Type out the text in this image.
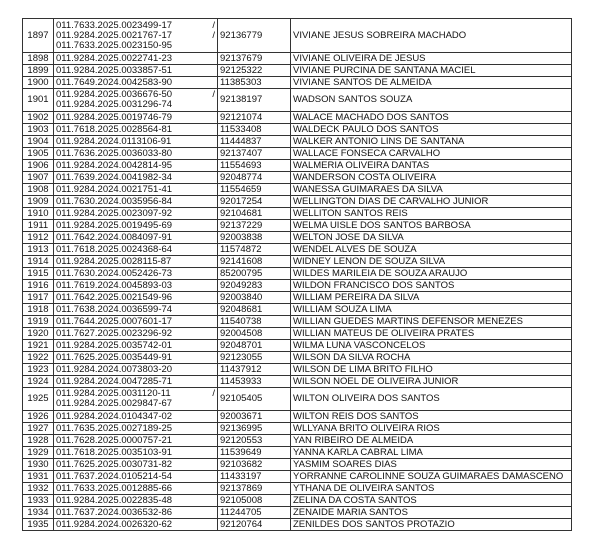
1897	011.7633.2025.0023499-17 /
011.9284.2025.0021767-17 /
011.7633.2025.0023150-95	92136779	VIVIANE JESUS SOBREIRA MACHADO
1898	011.9284.2025.0022741-23	92137679	VIVIANE OLIVEIRA DE JESUS
1899	011.9284.2025.0033857-51	92125322	VIVIANE PURCINA DE SANTANA MACIEL
1900	011.7649.2024.0042583-90	11385303	VIVIANE SANTOS DE ALMEIDA
1901	011.9284.2025.0036676-50 /
011.9284.2025.0031296-74	92138197	WADSON SANTOS SOUZA
1902	011.9284.2025.0019746-79	92121074	WALACE MACHADO DOS SANTOS
1903	011.7618.2025.0028564-81	11533408	WALDECK PAULO DOS SANTOS
1904	011.9284.2024.0113106-91	11444837	WALKER ANTONIO LINS DE SANTANA
1905	011.7636.2025.0036033-80	92137407	WALLACE FONSECA CARVALHO
1906	011.9284.2024.0042814-95	11554693	WALMERIA OLIVEIRA DANTAS
1907	011.7639.2024.0041982-34	92048774	WANDERSON COSTA OLIVEIRA
1908	011.9284.2024.0021751-41	11554659	WANESSA GUIMARAES DA SILVA
1909	011.7630.2024.0035956-84	92017254	WELLINGTON DIAS DE CARVALHO JUNIOR
1910	011.9284.2025.0023097-92	92104681	WELLITON SANTOS REIS
1911	011.9284.2025.0019495-69	92137229	WELMA UISLE DOS SANTOS BARBOSA
1912	011.7642.2024.0084097-91	92003838	WELTON JOSE DA SILVA
1913	011.7618.2025.0024368-64	11574872	WENDEL ALVES DE SOUZA
1914	011.9284.2025.0028115-87	92141608	WIDNEY LENON DE SOUZA SILVA
1915	011.7630.2024.0052426-73	85200795	WILDES MARILEIA DE SOUZA ARAUJO
1916	011.7619.2024.0045893-03	92049283	WILDON FRANCISCO DOS SANTOS
1917	011.7642.2025.0021549-96	92003840	WILLIAM PEREIRA DA SILVA
1918	011.7638.2024.0036599-74	92048681	WILLIAM SOUZA LIMA
1919	011.7644.2025.0007601-17	11540738	WILLIAN GUEDES MARTINS DEFENSOR MENEZES
1920	011.7627.2025.0023296-92	92004508	WILLIAN MATEUS DE OLIVEIRA PRATES
1921	011.9284.2025.0035742-01	92048701	WILMA LUNA VASCONCELOS
1922	011.7625.2025.0035449-91	92123055	WILSON DA SILVA ROCHA
1923	011.9284.2024.0073803-20	11437912	WILSON DE LIMA BRITO FILHO
1924	011.9284.2024.0047285-71	11453933	WILSON NOEL DE OLIVEIRA JUNIOR
1925	011.9284.2025.0031120-11 /
011.9284.2025.0029847-67	92105405	WILTON OLIVEIRA DOS SANTOS
1926	011.9284.2024.0104347-02	92003671	WILTON REIS DOS SANTOS
1927	011.7635.2025.0027189-25	92136995	WLLYANA BRITO OLIVEIRA RIOS
1928	011.7628.2025.0000757-21	92120553	YAN RIBEIRO DE ALMEIDA
1929	011.7618.2025.0035103-91	11539649	YANNA KARLA CABRAL LIMA
1930	011.7625.2025.0030731-82	92103682	YASMIM SOARES DIAS
1931	011.7637.2024.0105214-54	11433197	YORRANNE CAROLINNE SOUZA GUIMARAES DAMASCENO
1932	011.7633.2025.0012885-66	92137869	YTHANA DE OLIVEIRA SANTOS
1933	011.9284.2025.0022835-48	92105008	ZELINA DA COSTA SANTOS
1934	011.7637.2024.0036532-86	11244705	ZENAIDE MARIA SANTOS
1935	011.9284.2024.0026320-62	92120764	ZENILDES DOS SANTOS PROTAZIO
